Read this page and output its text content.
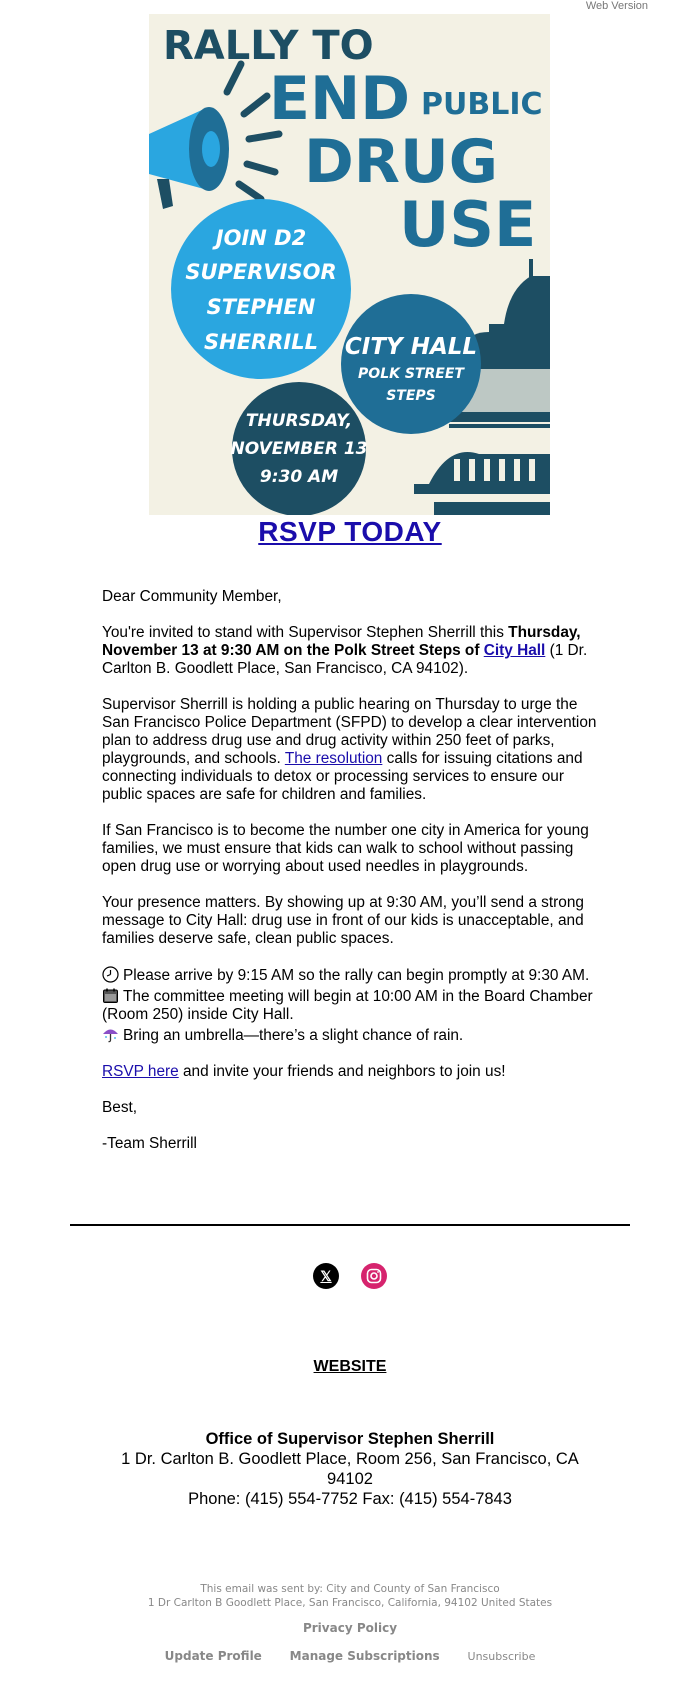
Web Version
RALLY TO
END PUBLIC
DRUG
USE
JOIN D2
SUPERVISOR
STEPHEN
SHERRILL CITY HALL
POLK STREET
STEPS
THURSDAY,
NOVEMBER 13
9:30 AM
RSVP TODAY

Dear Community Member,

You're invited to stand with Supervisor Stephen Sherrill this Thursday, November 13 at 9:30 AM on the Polk Street Steps of City Hall (1 Dr. Carlton B. Goodlett Place, San Francisco, CA 94102).

Supervisor Sherrill is holding a public hearing on Thursday to urge the San Francisco Police Department (SFPD) to develop a clear intervention plan to address drug use and drug activity within 250 feet of parks, playgrounds, and schools. The resolution calls for issuing citations and connecting individuals to detox or processing services to ensure our public spaces are safe for children and families.

If San Francisco is to become the number one city in America for young families, we must ensure that kids can walk to school without passing open drug use or worrying about used needles in playgrounds.

Your presence matters. By showing up at 9:30 AM, you’ll send a strong message to City Hall: drug use in front of our kids is unacceptable, and families deserve safe, clean public spaces.

Please arrive by 9:15 AM so the rally can begin promptly at 9:30 AM.
The committee meeting will begin at 10:00 AM in the Board Chamber (Room 250) inside City Hall.
Bring an umbrella—there’s a slight chance of rain.

RSVP here and invite your friends and neighbors to join us!

Best,

-Team Sherrill

𝕏
WEBSITE
Office of Supervisor Stephen Sherrill
1 Dr. Carlton B. Goodlett Place, Room 256, San Francisco, CA 94102
Phone: (415) 554-7752 Fax: (415) 554-7843
This email was sent by: City and County of San Francisco
1 Dr Carlton B Goodlett Place, San Francisco, California, 94102 United States
Privacy Policy
Update Profile Manage Subscriptions	Unsubscribe
